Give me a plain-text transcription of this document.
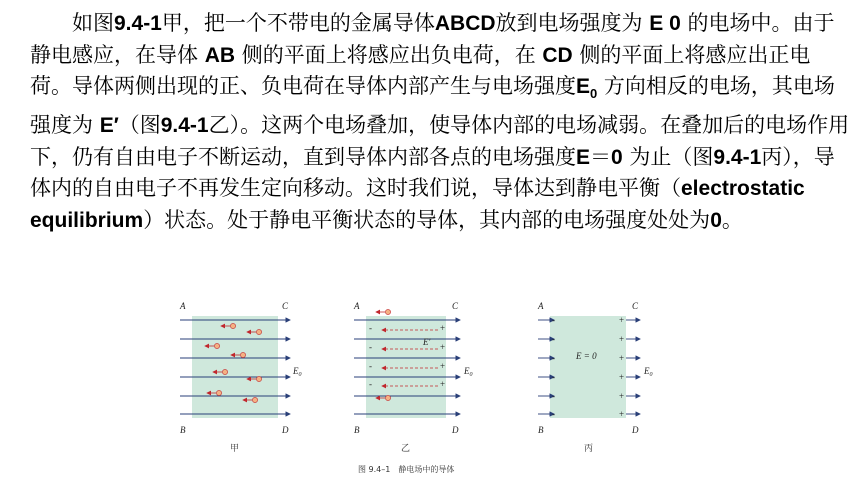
如图9.4-1甲，把一个不带电的金属导体ABCD放到电场强度为 E 0 的电场中。由于静电感应，在导体 AB 侧的平面上将感应出负电荷，在 CD 侧的平面上将感应出正电荷。导体两侧出现的正、负电荷在导体内部产生与电场强度$E_0$ 方向相反的电场，其电场强度为 E′（图9.4-1乙）。这两个电场叠加，使导体内部的电场减弱。在叠加后的电场作用下，仍有自由电子不断运动，直到导体内部各点的电场强度E＝0 为止（图9.4-1丙），导体内的自由电子不再发生定向移动。这时我们说，导体达到静电平衡（electrostatic equilibrium）状态。处于静电平衡状态的导体，其内部的电场强度处处为0。

A	C
B	D
$E_0$
甲
-
-
-
-
+
+
+
+
E′
A	C
B	D
$E_0$
乙
-
-
-
-
-
-
+
+
+
+
+
+
E = 0
A	C
B	D
$E_0$
丙
图 9.4–1　静电场中的导体
